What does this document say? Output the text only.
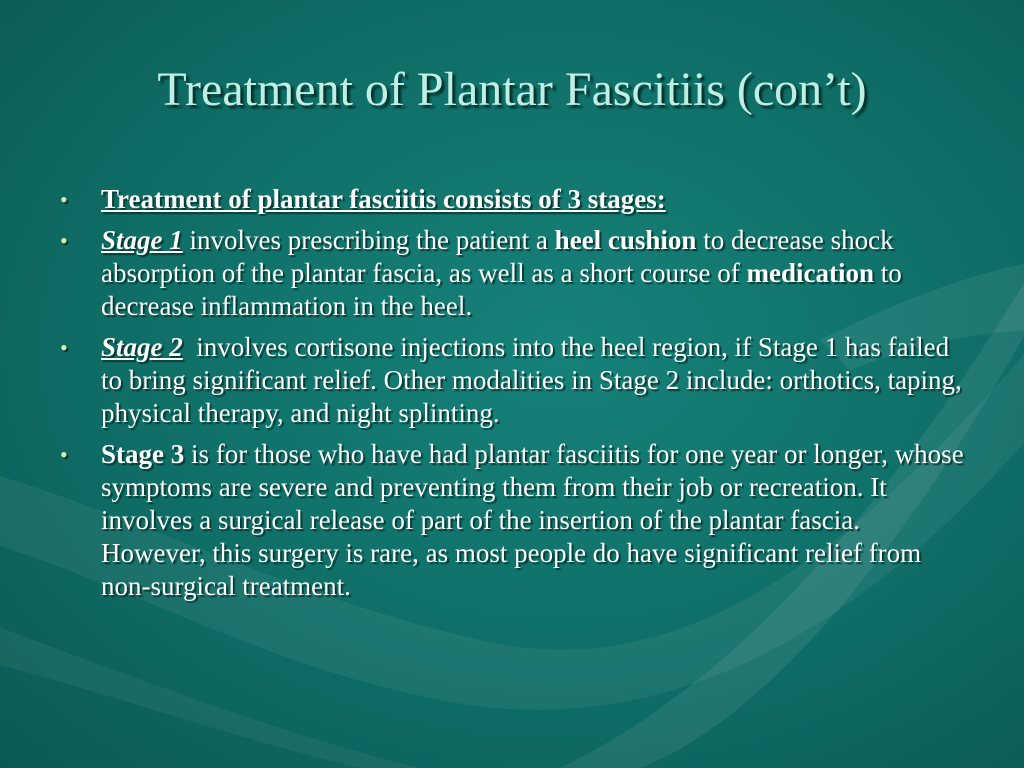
Treatment of Plantar Fascitiis (con’t)
• Treatment of plantar fasciitis consists of 3 stages:
• Stage 1 involves prescribing the patient a heel cushion to decrease shock absorption of the plantar fascia, as well as a short course of medication to decrease inflammation in the heel.
• Stage 2  involves cortisone injections into the heel region, if Stage 1 has failed to bring significant relief. Other modalities in Stage 2 include: orthotics, taping, physical therapy, and night splinting.
• Stage 3 is for those who have had plantar fasciitis for one year or longer, whose symptoms are severe and preventing them from their job or recreation. It involves a surgical release of part of the insertion of the plantar fascia. However, this surgery is rare, as most people do have significant relief from non-surgical treatment.
